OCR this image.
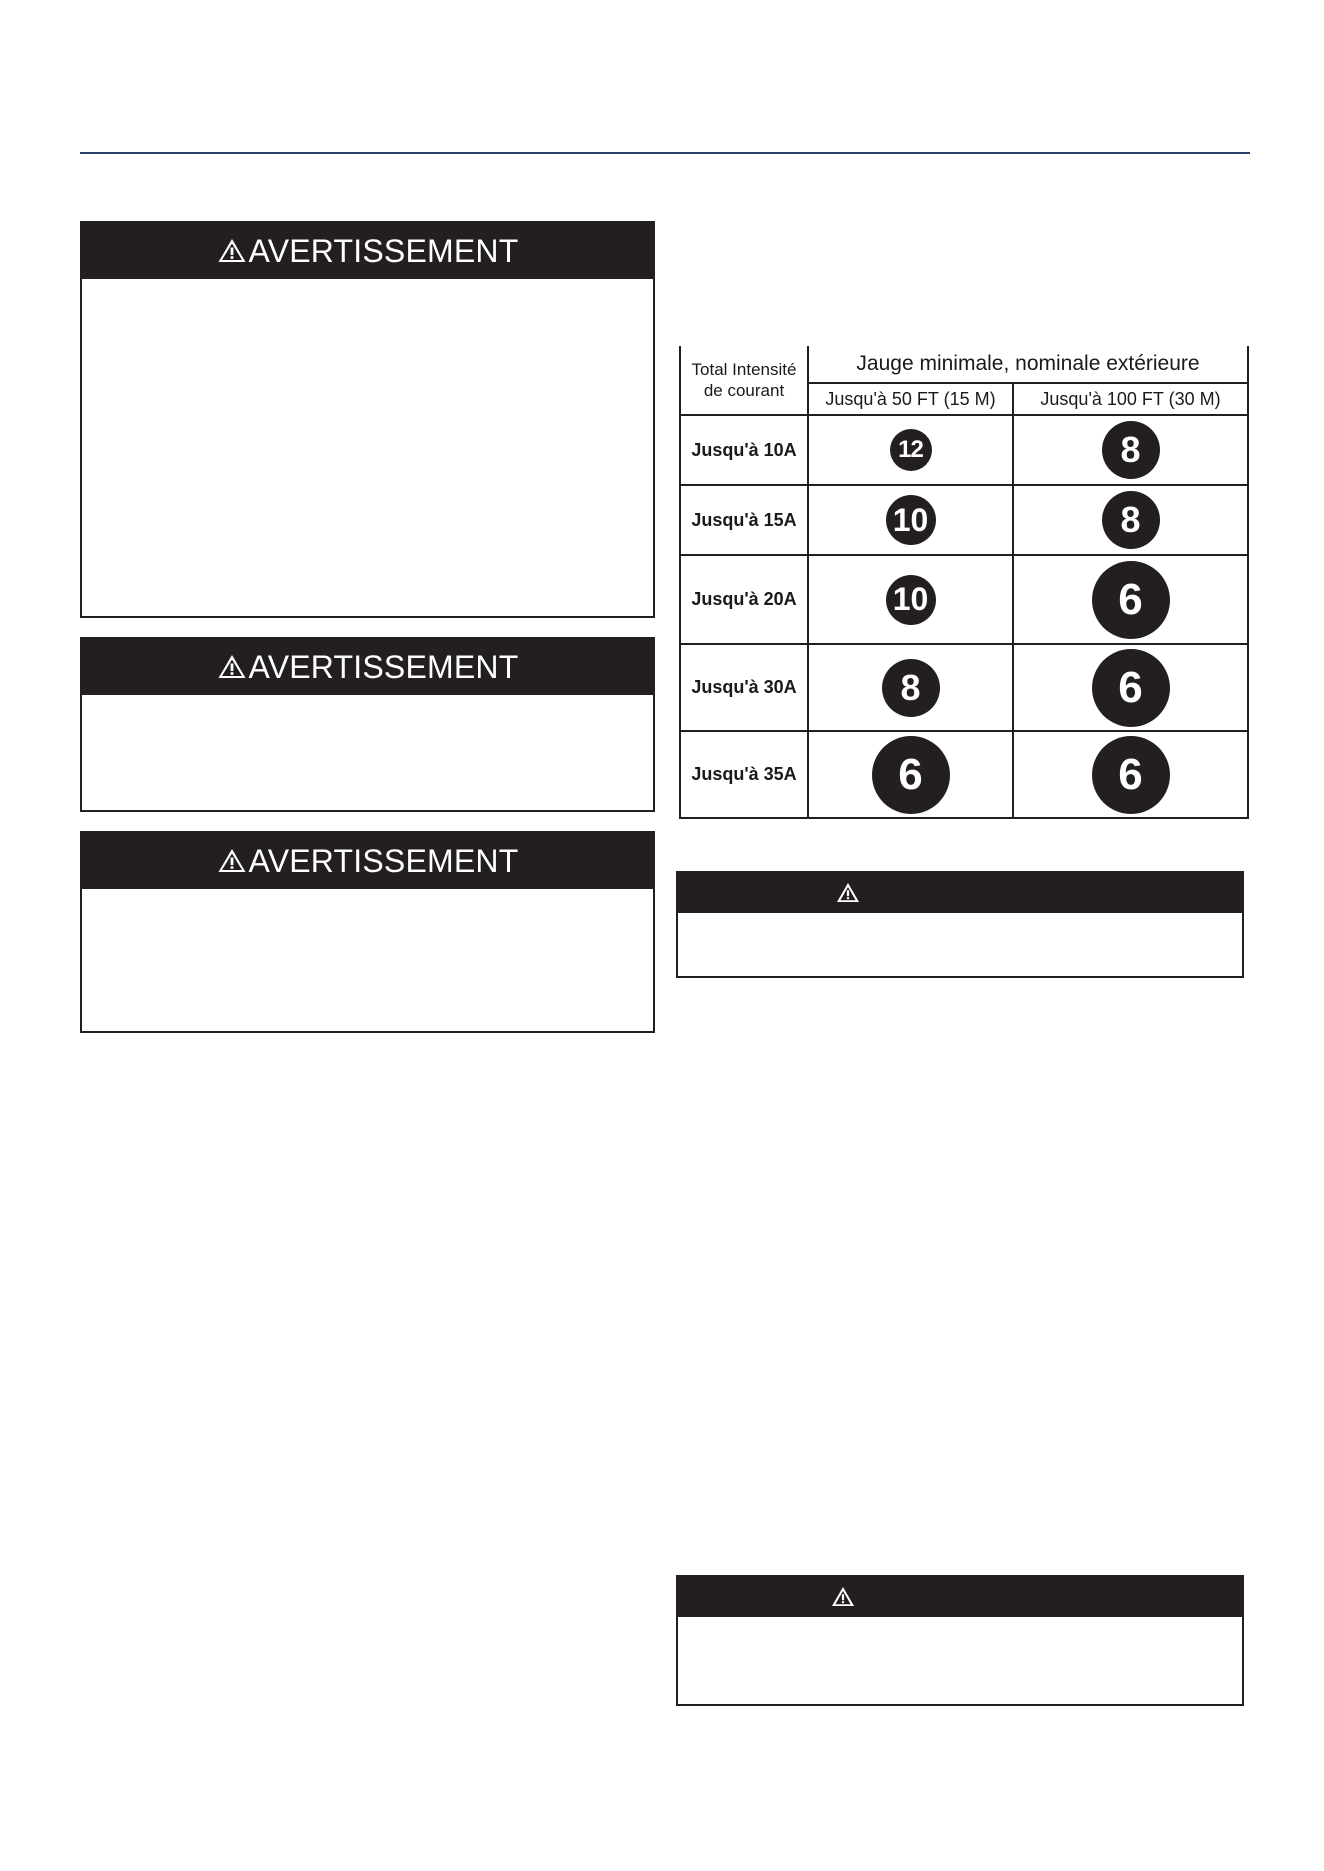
AVERTISSEMENT
AVERTISSEMENT
AVERTISSEMENT
Total Intensité de courant	Jauge minimale, nominale extérieure	
	Jusqu'à 50 FT (15 M)	Jusqu'à 100 FT (30 M)
Jusqu'à 10A	12	8
Jusqu'à 15A	10	8
Jusqu'à 20A	10	6
Jusqu'à 30A	8	6
Jusqu'à 35A	6	6
